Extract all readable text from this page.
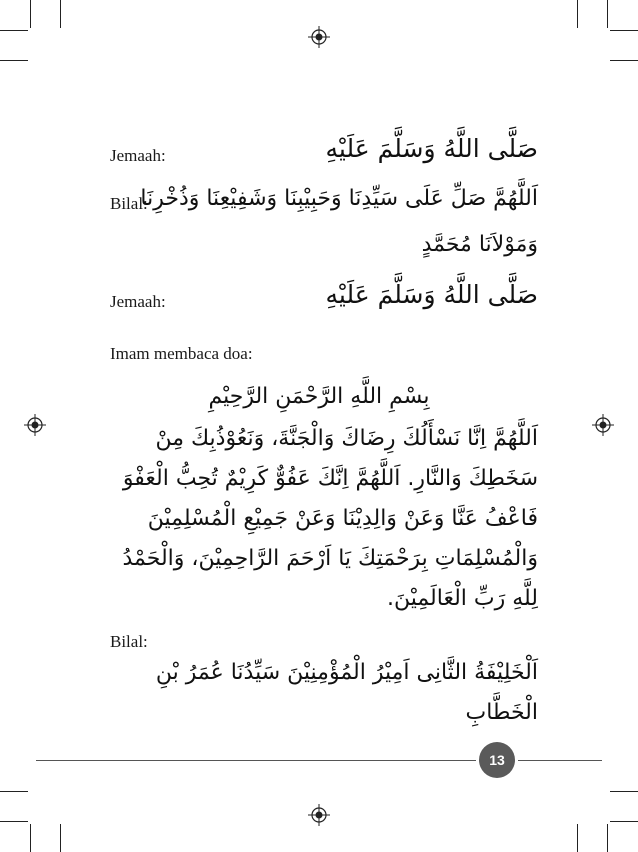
Jemaah:	صَلَّى اللَّهُ وَسَلَّمَ عَلَيْهِ
Bilal:
اَللَّهُمَّ صَلِّ عَلَى سَيِّدِنَا وَحَبِيْبِنَا وَشَفِيْعِنَا وَذُخْرِنَا
وَمَوْلاَنَا مُحَمَّدٍ
Jemaah:	صَلَّى اللَّهُ وَسَلَّمَ عَلَيْهِ
Imam membaca doa:
بِسْمِ اللَّهِ الرَّحْمَنِ الرَّحِيْمِ
اَللَّهُمَّ اِنَّا نَسْأَلُكَ رِضَاكَ وَالْجَنَّةَ، وَنَعُوْذُبِكَ مِنْ
سَخَطِكَ وَالنَّارِ. اَللَّهُمَّ اِنَّكَ عَفُوٌّ كَرِيْمٌ تُحِبُّ الْعَفْوَ
فَاعْفُ عَنَّا وَعَنْ وَالِدِيْنَا وَعَنْ جَمِيْعِ الْمُسْلِمِيْنَ
وَالْمُسْلِمَاتِ بِرَحْمَتِكَ يَا اَرْحَمَ الرَّاحِمِيْنَ، وَالْحَمْدُ
لِلَّهِ رَبِّ الْعَالَمِيْنَ.
Bilal:
اَلْخَلِيْفَةُ الثَّانِى اَمِيْرُ الْمُؤْمِنِيْنَ سَيِّدُنَا عُمَرُ بْنِ
الْخَطَّابِ
13
